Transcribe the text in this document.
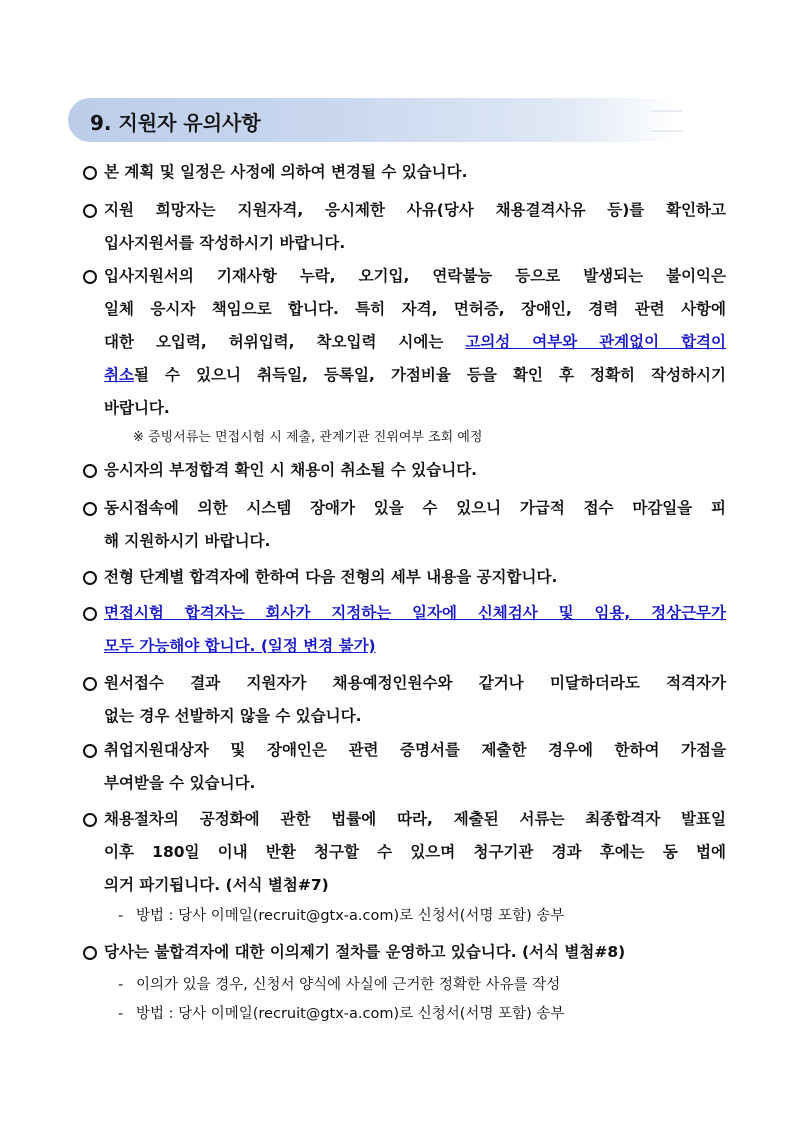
9. 지원자 유의사항
본 계획 및 일정은 사정에 의하여 변경될 수 있습니다.
지원 희망자는 지원자격, 응시제한 사유(당사 채용결격사유 등)를 확인하고
입사지원서를 작성하시기 바랍니다.
입사지원서의 기재사항 누락, 오기입, 연락불능 등으로 발생되는 불이익은
일체 응시자 책임으로 합니다. 특히 자격, 면허증, 장애인, 경력 관련 사항에
대한 오입력, 허위입력, 착오입력 시에는 고의성 여부와 관계없이 합격이
취소될 수 있으니 취득일, 등록일, 가점비율 등을 확인 후 정확히 작성하시기
바랍니다.
※ 증빙서류는 면접시험 시 제출, 관계기관 진위여부 조회 예정
응시자의 부정합격 확인 시 채용이 취소될 수 있습니다.
동시접속에 의한 시스템 장애가 있을 수 있으니 가급적 접수 마감일을 피
해 지원하시기 바랍니다.
전형 단계별 합격자에 한하여 다음 전형의 세부 내용을 공지합니다.
면접시험 합격자는 회사가 지정하는 일자에 신체검사 및 임용, 정상근무가
모두 가능해야 합니다. (일정 변경 불가)
원서접수 결과 지원자가 채용예정인원수와 같거나 미달하더라도 적격자가
없는 경우 선발하지 않을 수 있습니다.
취업지원대상자 및 장애인은 관련 증명서를 제출한 경우에 한하여 가점을
부여받을 수 있습니다.
채용절차의 공정화에 관한 법률에 따라, 제출된 서류는 최종합격자 발표일
이후 180일 이내 반환 청구할 수 있으며 청구기관 경과 후에는 동 법에
의거 파기됩니다. (서식 별첨#7)
- 방법 : 당사 이메일(recruit@gtx-a.com)로 신청서(서명 포함) 송부
당사는 불합격자에 대한 이의제기 절차를 운영하고 있습니다. (서식 별첨#8)
- 이의가 있을 경우, 신청서 양식에 사실에 근거한 정확한 사유를 작성
- 방법 : 당사 이메일(recruit@gtx-a.com)로 신청서(서명 포함) 송부
